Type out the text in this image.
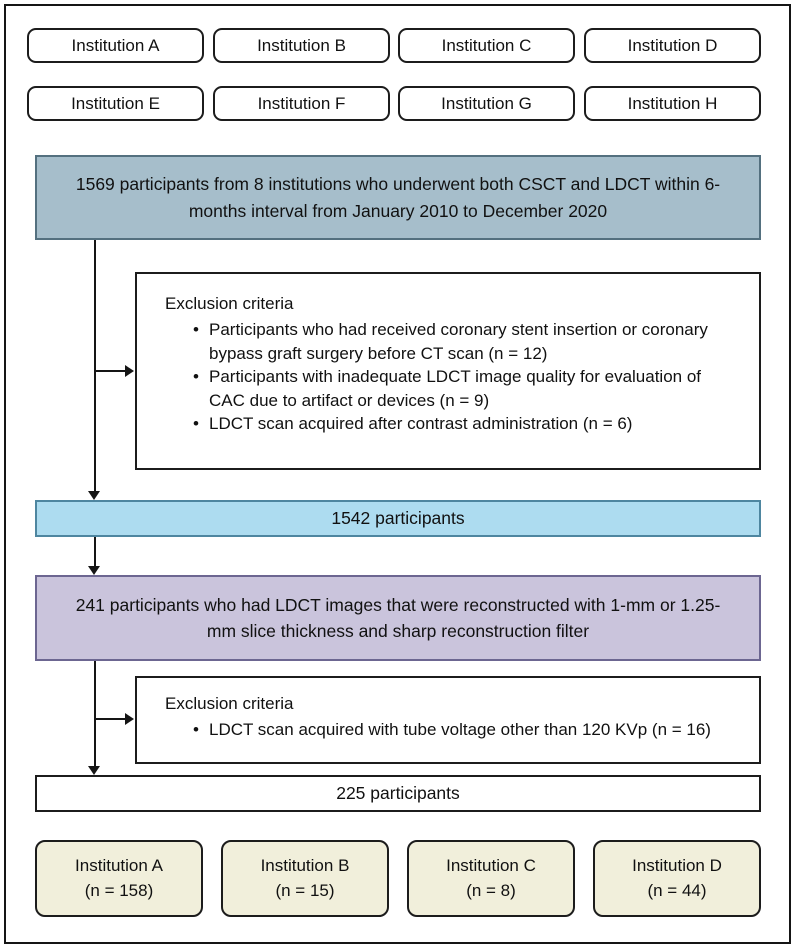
Institution A	Institution B	Institution C	Institution D
Institution E	Institution F	Institution G	Institution H
1569 participants from 8 institutions who underwent both CSCT and LDCT within 6-months interval from January 2010 to December 2020
Exclusion criteria
• Participants who had received coronary stent insertion or coronary bypass graft surgery before CT scan (n = 12)
• Participants with inadequate LDCT image quality for evaluation of CAC due to artifact or devices (n = 9)
• LDCT scan acquired after contrast administration (n = 6)
1542 participants
241 participants who had LDCT images that were reconstructed with 1-mm or 1.25-mm slice thickness and sharp reconstruction filter
Exclusion criteria
• LDCT scan acquired with tube voltage other than 120 KVp (n = 16)
225 participants
Institution A
(n = 158)
Institution B
(n = 15)
Institution C
(n = 8)
Institution D
(n = 44)
